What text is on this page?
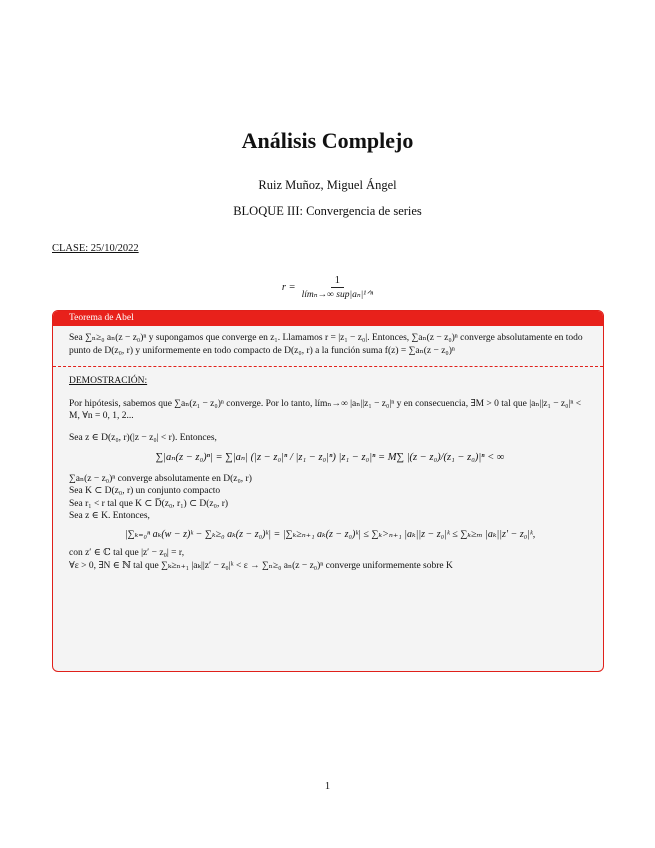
Análisis Complejo
Ruiz Muñoz, Miguel Ángel
BLOQUE III: Convergencia de series
CLASE: 25/10/2022
$r = \frac{1}{\text{límₙ→∞ sup|aₙ|¹ᐟⁿ}}$
Teorema de Abel
Sea ∑ₙ≥₀ aₙ(z − z₀)ⁿ y supongamos que converge en z₁. Llamamos r = |z₁ − z₀|. Entonces, ∑aₙ(z − z₀)ⁿ converge absolutamente en todo punto de D(z₀, r) y uniformemente en todo compacto de D(z₀, r) a la función suma f(z) = ∑aₙ(z − z₀)ⁿ
DEMOSTRACIÓN:

Por hipótesis, sabemos que ∑aₙ(z₁ − z₀)ⁿ converge. Por lo tanto, límₙ→∞ |aₙ||z₁ − z₀|ⁿ y en consecuencia, ∃M > 0 tal que |aₙ||z₁ − z₀|ⁿ < M, ∀n = 0, 1, 2...

Sea z ∈ D(z₀, r)(|z − z₀| < r). Entonces,

∑|aₙ(z − z₀)ⁿ| = ∑|aₙ| (|z − z₀|ⁿ / |z₁ − z₀|ⁿ) |z₁ − z₀|ⁿ = M∑ |(z − z₀)/(z₁ − z₀)|ⁿ < ∞

∑aₙ(z − z₀)ⁿ converge absolutamente en D(z₀, r)

Sea K ⊂ D(z₀, r) un conjunto compacto

Sea r₁ < r tal que K ⊂ D̅(z₀, r₁) ⊂ D(z₀, r)

Sea z ∈ K. Entonces,

|∑ₖ₌₀ⁿ aₖ(w − z)ᵏ − ∑ₖ≥₀ aₖ(z − z₀)ᵏ| = |∑ₖ≥ₙ₊₁ aₖ(z − z₀)ᵏ| ≤ ∑ₖ>ₙ₊₁ |aₖ||z − z₀|ᵏ ≤ ∑ₖ≥ₘ |aₖ||z′ − z₀|ᵏ,

con z′ ∈ ℂ tal que |z′ − z₀| = r,

∀ε > 0, ∃N ∈ ℕ tal que ∑ₖ≥ₙ₊₁ |aₖ||z′ − z₀|ᵏ < ε → ∑ₙ≥₀ aₙ(z − z₀)ⁿ converge uniformemente sobre K

1
